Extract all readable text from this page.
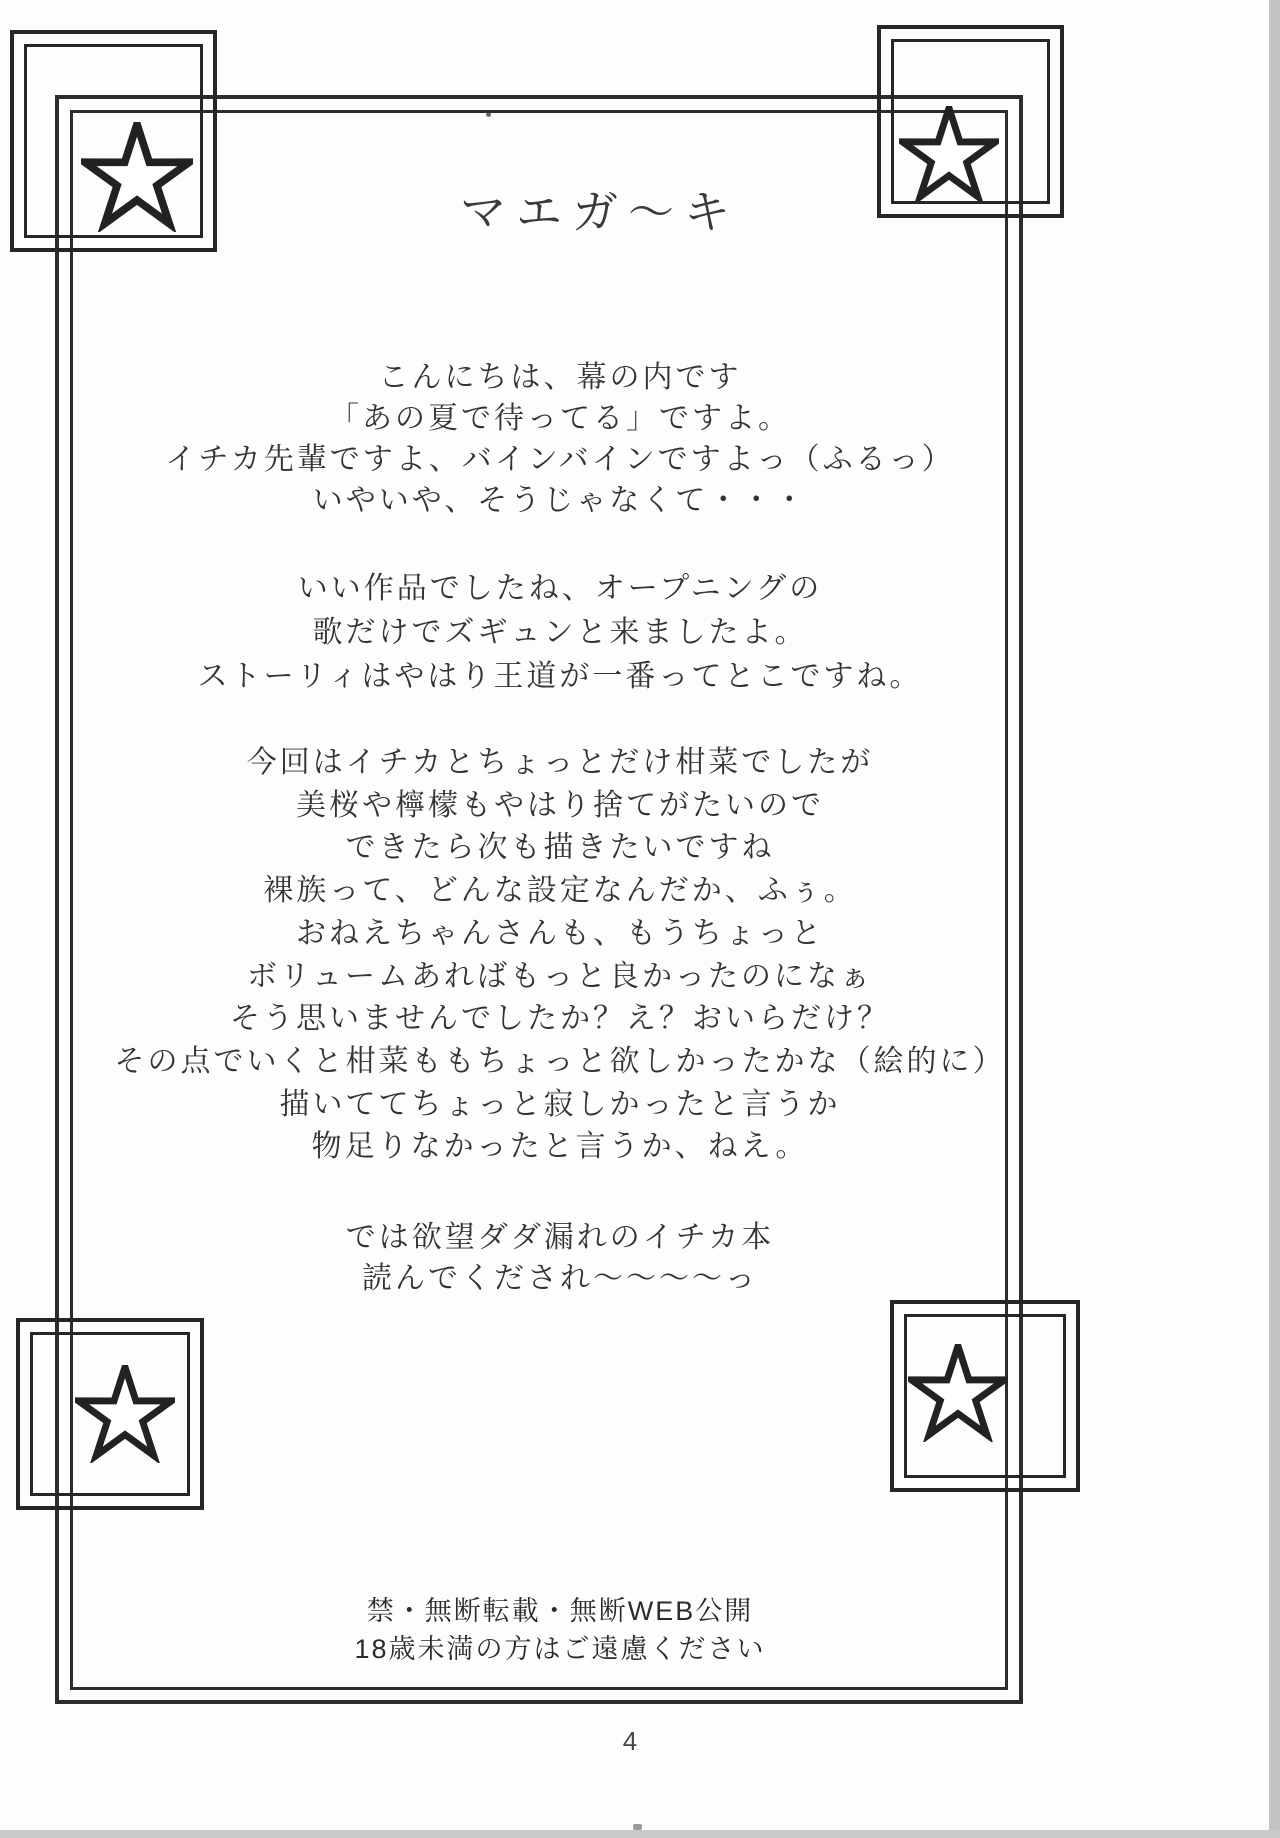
マエガ〜キ
こんにちは、幕の内です
「あの夏で待ってる」ですよ。
イチカ先輩ですよ、バインバインですよっ（ふるっ）
いやいや、そうじゃなくて・・・
いい作品でしたね、オープニングの
歌だけでズギュンと来ましたよ。
ストーリィはやはり王道が一番ってとこですね。
今回はイチカとちょっとだけ柑菜でしたが
美桜や檸檬もやはり捨てがたいので
できたら次も描きたいですね
裸族って、どんな設定なんだか、ふぅ。
おねえちゃんさんも、もうちょっと
ボリュームあればもっと良かったのになぁ
そう思いませんでしたか？え？おいらだけ？
その点でいくと柑菜ももちょっと欲しかったかな（絵的に）
描いててちょっと寂しかったと言うか
物足りなかったと言うか、ねえ。
では欲望ダダ漏れのイチカ本
読んでくだされ〜〜〜〜っ
禁・無断転載・無断WEB公開
18歳未満の方はご遠慮ください
4
